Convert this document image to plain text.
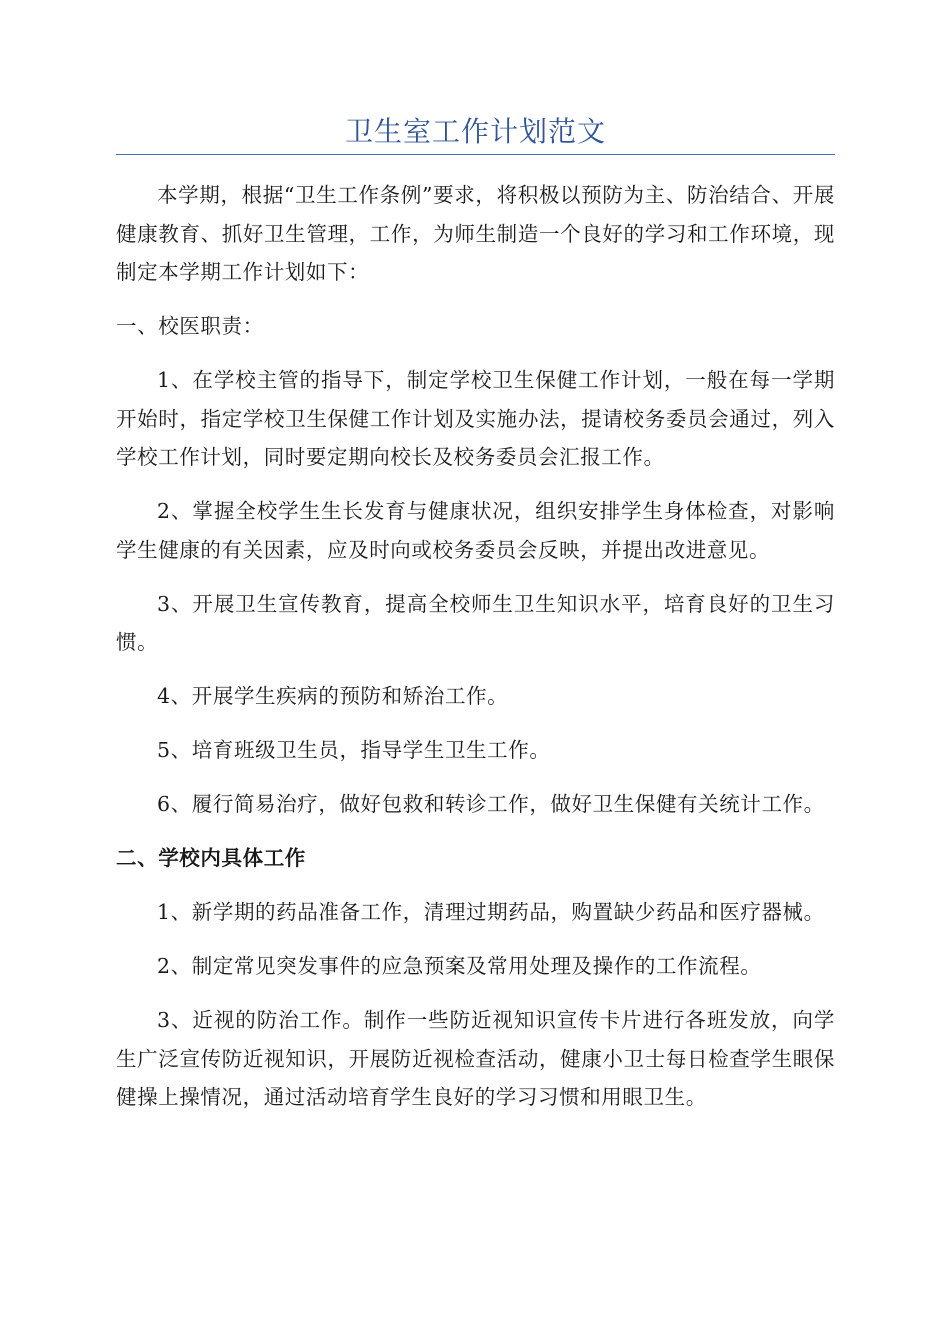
卫生室工作计划范文

本学期，根据“卫生工作条例”要求，将积极以预防为主、防治结合、开展健康教育、抓好卫生管理，工作，为师生制造一个良好的学习和工作环境，现制定本学期工作计划如下：

一、校医职责：

1、在学校主管的指导下，制定学校卫生保健工作计划，一般在每一学期开始时，指定学校卫生保健工作计划及实施办法，提请校务委员会通过，列入学校工作计划，同时要定期向校长及校务委员会汇报工作。

2、掌握全校学生生长发育与健康状况，组织安排学生身体检查，对影响学生健康的有关因素，应及时向或校务委员会反映，并提出改进意见。

3、开展卫生宣传教育，提高全校师生卫生知识水平，培育良好的卫生习惯。

4、开展学生疾病的预防和矫治工作。

5、培育班级卫生员，指导学生卫生工作。

6、履行简易治疗，做好包救和转诊工作，做好卫生保健有关统计工作。

二、学校内具体工作

1、新学期的药品准备工作，清理过期药品，购置缺少药品和医疗器械。

2、制定常见突发事件的应急预案及常用处理及操作的工作流程。

3、近视的防治工作。制作一些防近视知识宣传卡片进行各班发放，向学生广泛宣传防近视知识，开展防近视检查活动，健康小卫士每日检查学生眼保健操上操情况，通过活动培育学生良好的学习习惯和用眼卫生。
